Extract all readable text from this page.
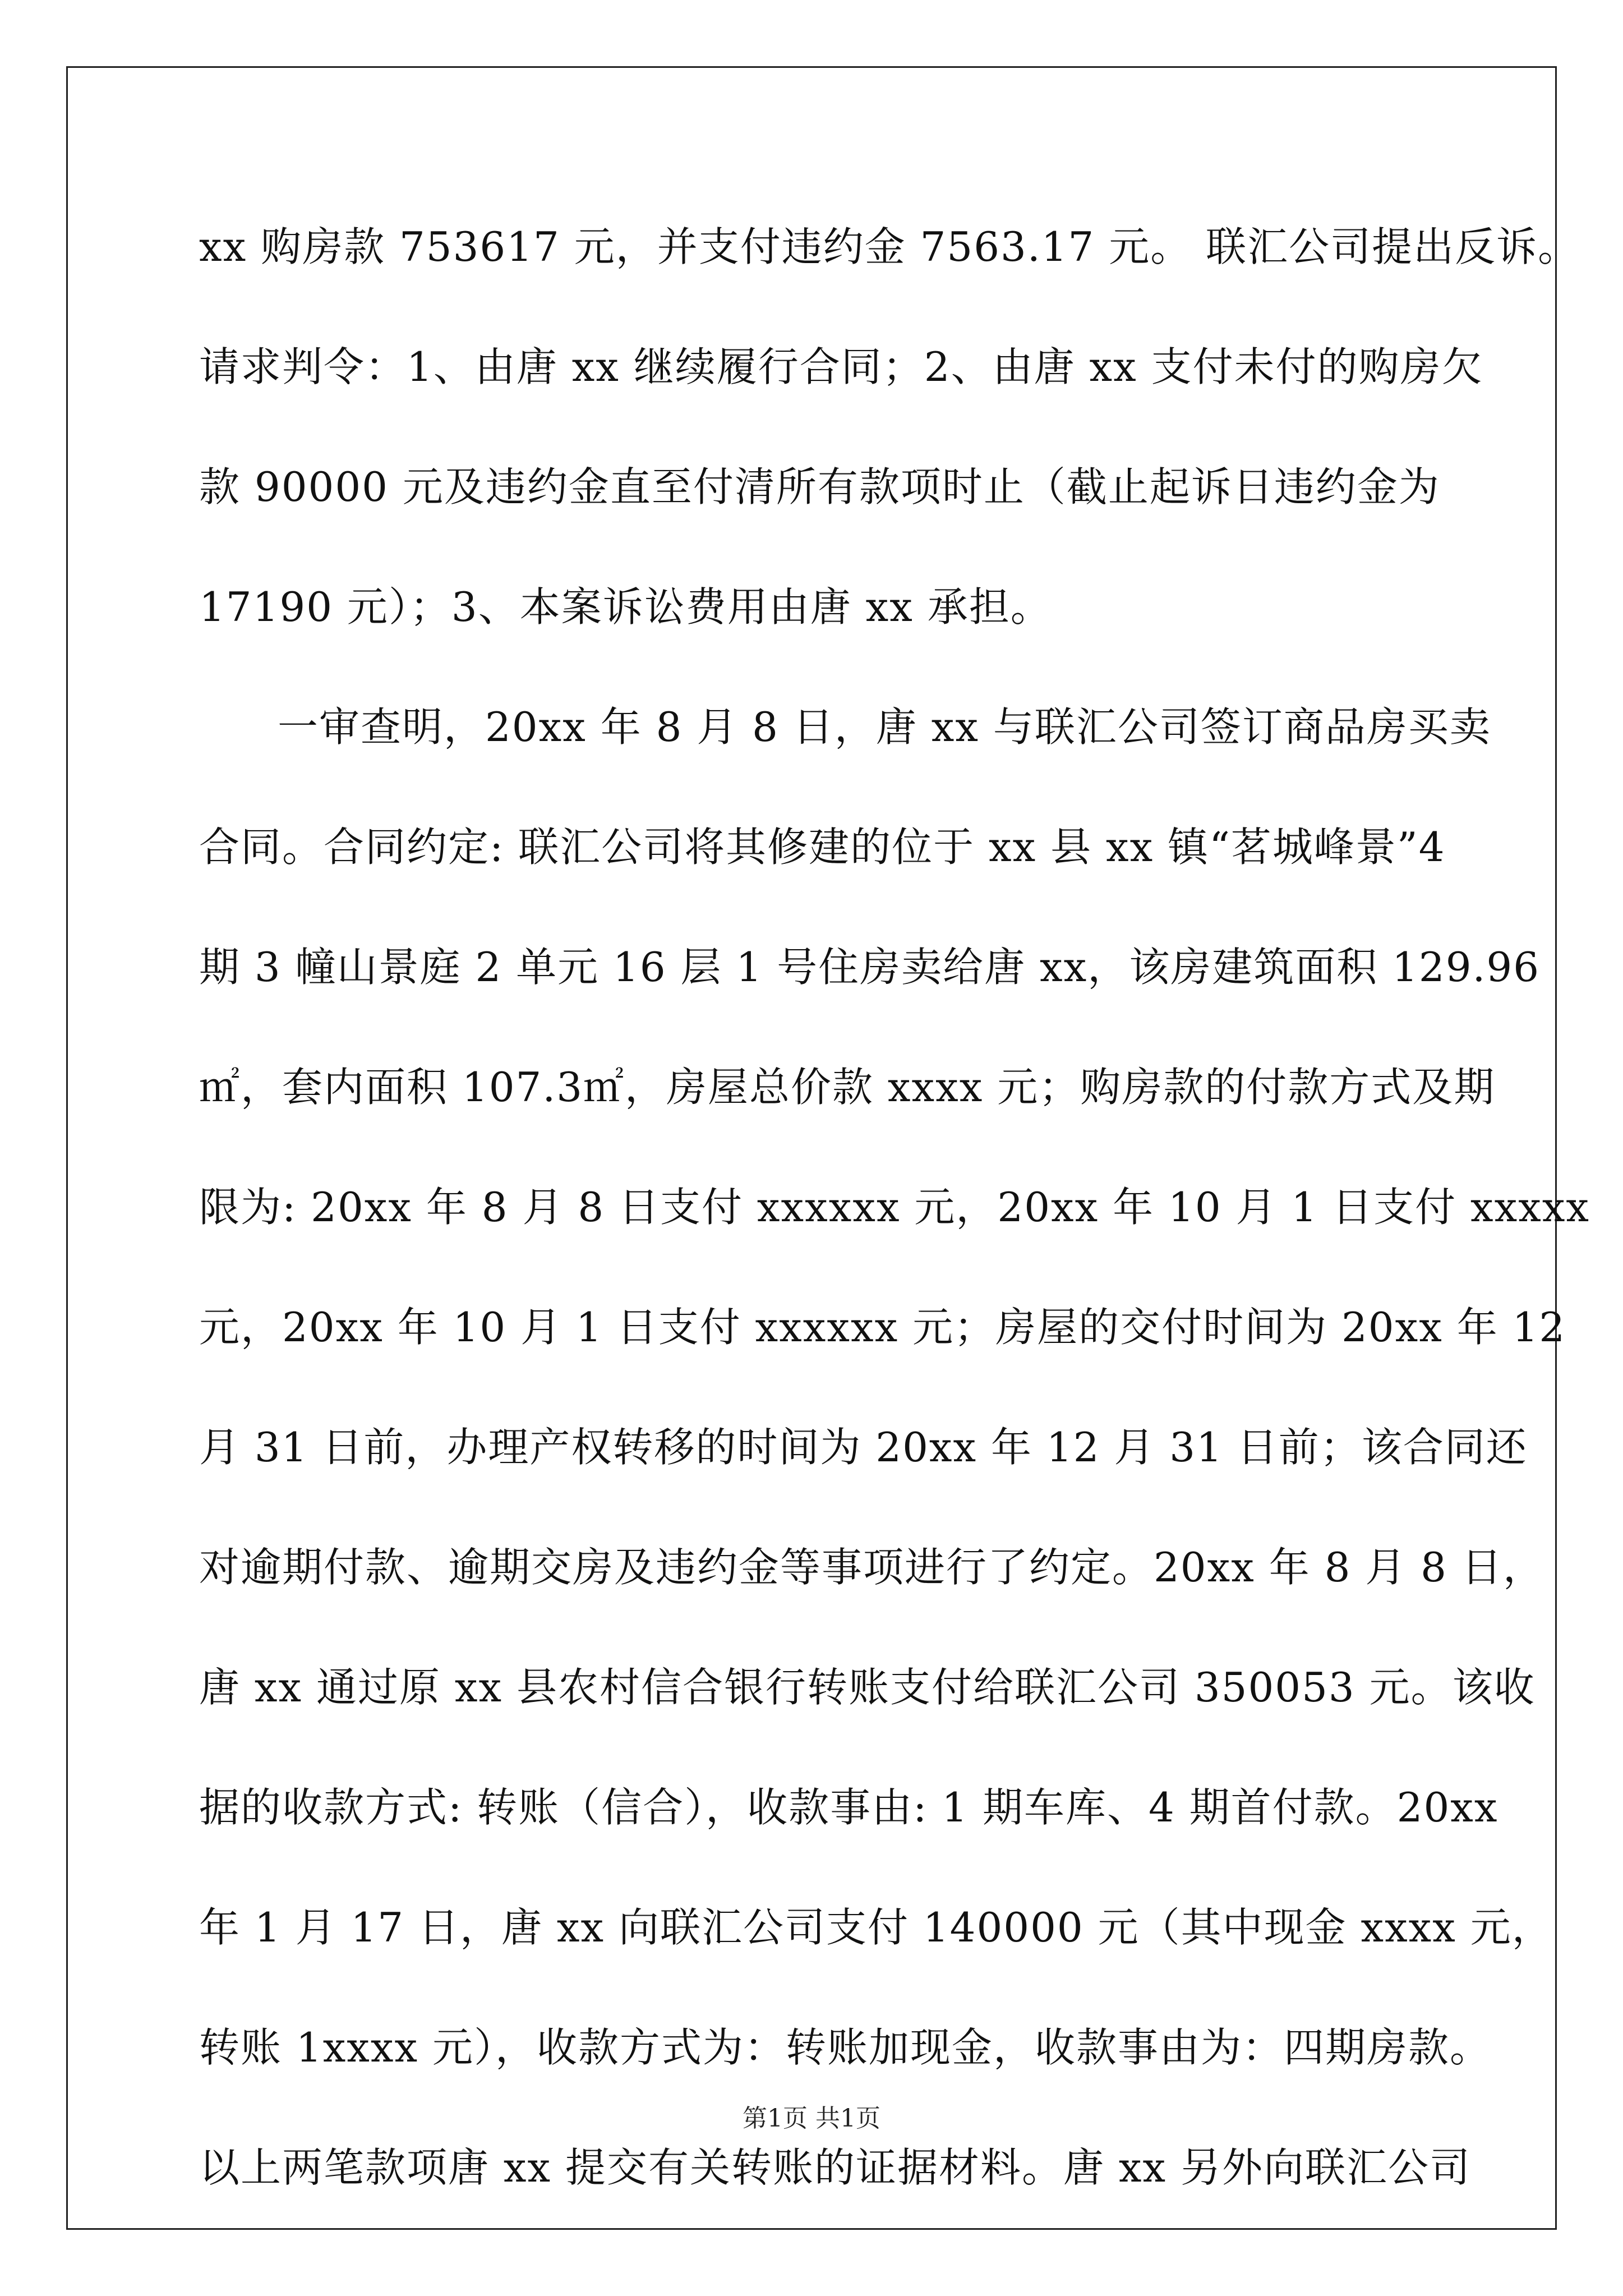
xx 购房款 753617 元，并支付违约金 7563.17 元。 联汇公司提出反诉。
请求判令：1、由唐 xx 继续履行合同；2、由唐 xx 支付未付的购房欠
款 90000 元及违约金直至付清所有款项时止（截止起诉日违约金为
17190 元）；3、本案诉讼费用由唐 xx 承担。
一审查明，20xx 年 8 月 8 日，唐 xx 与联汇公司签订商品房买卖
合同。合同约定: 联汇公司将其修建的位于 xx 县 xx 镇“茗城峰景”4
期 3 幢山景庭 2 单元 16 层 1 号住房卖给唐 xx，该房建筑面积 129.96
㎡，套内面积 107.3㎡，房屋总价款 xxxx 元；购房款的付款方式及期
限为: 20xx 年 8 月 8 日支付 xxxxxx 元，20xx 年 10 月 1 日支付 xxxxx
元，20xx 年 10 月 1 日支付 xxxxxx 元；房屋的交付时间为 20xx 年 12
月 31 日前，办理产权转移的时间为 20xx 年 12 月 31 日前；该合同还
对逾期付款、逾期交房及违约金等事项进行了约定。20xx 年 8 月 8 日，
唐 xx 通过原 xx 县农村信合银行转账支付给联汇公司 350053 元。该收
据的收款方式: 转账（信合），收款事由: 1 期车库、4 期首付款。20xx
年 1 月 17 日，唐 xx 向联汇公司支付 140000 元（其中现金 xxxx 元，
转账 1xxxx 元），收款方式为：转账加现金，收款事由为：四期房款。
以上两笔款项唐 xx 提交有关转账的证据材料。唐 xx 另外向联汇公司
第1页 共1页
